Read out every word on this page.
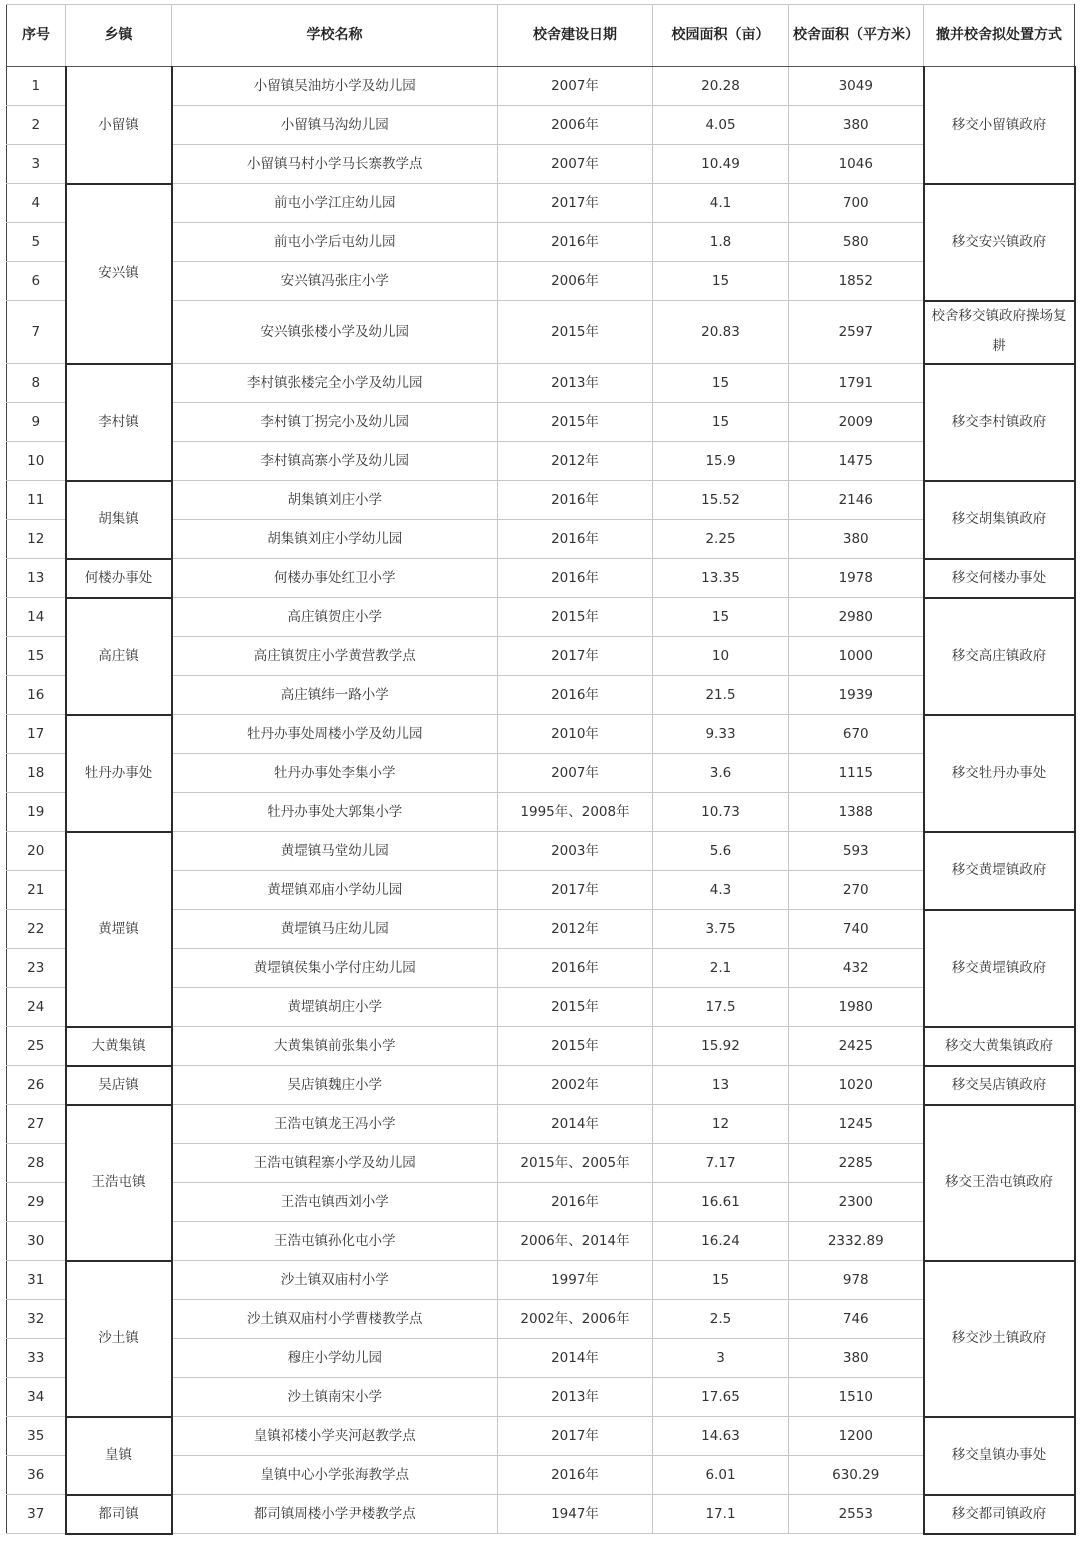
序号	乡镇	学校名称	校舍建设日期	校园面积（亩）	校舍面积（平方米）	撤并校舍拟处置方式
1	小留镇	小留镇吴油坊小学及幼儿园	2007年	20.28	3049	移交小留镇政府
2		小留镇马沟幼儿园	2006年	4.05	380	
3		小留镇马村小学马长寨教学点	2007年	10.49	1046	
4	安兴镇	前屯小学江庄幼儿园	2017年	4.1	700	移交安兴镇政府
5		前屯小学后屯幼儿园	2016年	1.8	580	
6		安兴镇冯张庄小学	2006年	15	1852	
7		安兴镇张楼小学及幼儿园	2015年	20.83	2597	校舍移交镇政府操场复耕
8	李村镇	李村镇张楼完全小学及幼儿园	2013年	15	1791	移交李村镇政府
9		李村镇丁拐完小及幼儿园	2015年	15	2009	
10		李村镇高寨小学及幼儿园	2012年	15.9	1475	
11	胡集镇	胡集镇刘庄小学	2016年	15.52	2146	移交胡集镇政府
12		胡集镇刘庄小学幼儿园	2016年	2.25	380	
13	何楼办事处	何楼办事处红卫小学	2016年	13.35	1978	移交何楼办事处
14	高庄镇	高庄镇贺庄小学	2015年	15	2980	移交高庄镇政府
15		高庄镇贺庄小学黄营教学点	2017年	10	1000	
16		高庄镇纬一路小学	2016年	21.5	1939	
17	牡丹办事处	牡丹办事处周楼小学及幼儿园	2010年	9.33	670	移交牡丹办事处
18		牡丹办事处李集小学	2007年	3.6	1115	
19		牡丹办事处大郭集小学	1995年、2008年	10.73	1388	
20	黄堽镇	黄堽镇马堂幼儿园	2003年	5.6	593	移交黄堽镇政府
21		黄堽镇邓庙小学幼儿园	2017年	4.3	270	
22		黄堽镇马庄幼儿园	2012年	3.75	740	移交黄堽镇政府
23		黄堽镇侯集小学付庄幼儿园	2016年	2.1	432	
24		黄堽镇胡庄小学	2015年	17.5	1980	
25	大黄集镇	大黄集镇前张集小学	2015年	15.92	2425	移交大黄集镇政府
26	吴店镇	吴店镇魏庄小学	2002年	13	1020	移交吴店镇政府
27	王浩屯镇	王浩屯镇龙王冯小学	2014年	12	1245	移交王浩屯镇政府
28		王浩屯镇程寨小学及幼儿园	2015年、2005年	7.17	2285	
29		王浩屯镇西刘小学	2016年	16.61	2300	
30		王浩屯镇孙化屯小学	2006年、2014年	16.24	2332.89	
31	沙土镇	沙土镇双庙村小学	1997年	15	978	移交沙土镇政府
32		沙土镇双庙村小学曹楼教学点	2002年、2006年	2.5	746	
33		穆庄小学幼儿园	2014年	3	380	
34		沙土镇南宋小学	2013年	17.65	1510	
35	皇镇	皇镇祁楼小学夹河赵教学点	2017年	14.63	1200	移交皇镇办事处
36		皇镇中心小学张海教学点	2016年	6.01	630.29	
37	都司镇	都司镇周楼小学尹楼教学点	1947年	17.1	2553	移交都司镇政府
